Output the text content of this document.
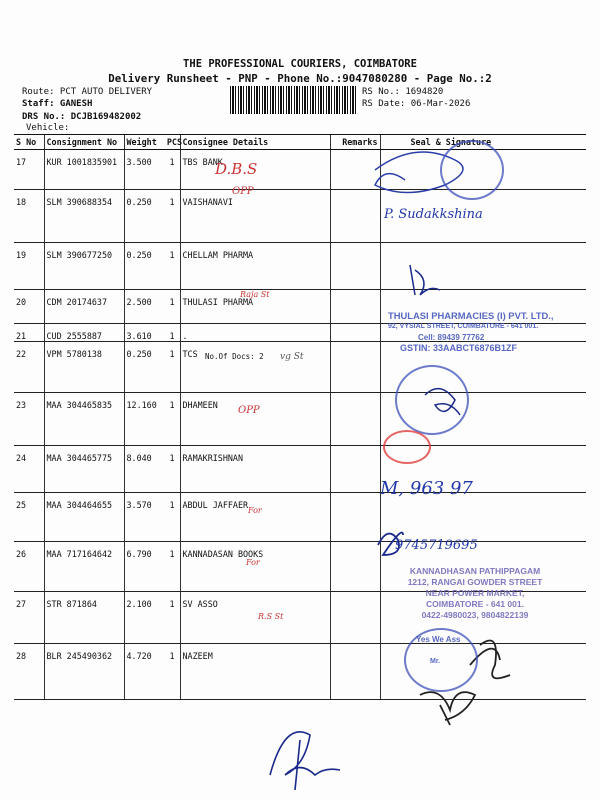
THE PROFESSIONAL COURIERS, COIMBATORE
Delivery Runsheet - PNP - Phone No.:9047080280 - Page No.:2
Route: PCT AUTO DELIVERY
Staff: GANESH
DRS No.: DCJB169482002
Vehicle:
RS No.: 1694820
RS Date: 06-Mar-2026
S No	Consignment No	Weight PCS	Consignee Details	Remarks	Seal & Signature
17	KUR 1001835901	3.500 1	TBS BANK		
18	SLM 390688354	0.250 1	VAISHANAVI		
19	SLM 390677250	0.250 1	CHELLAM PHARMA		
20	CDM 20174637	2.500 1	THULASI PHARMA		
21	CUD 2555887	3.610 1	.		
22	VPM 5780138	0.250 1	TCS		
23	MAA 304465835	12.160 1	DHAMEEN		
24	MAA 304465775	8.040 1	RAMAKRISHNAN		
25	MAA 304464655	3.570 1	ABDUL JAFFAER		
26	MAA 717164642	6.790 1	KANNADASAN BOOKS		
27	STR 871864	2.100 1	SV ASSO		
28	BLR 245490362	4.720 1	NAZEEM		
No.Of Docs: 2
D.B.S
OPP
P. Sudakkshina
Raja St
vg St
OPP
For
For
R.S St
M, 963 97
9745719695
THULASI PHARMACIES (I) PVT. LTD.,
92, VYSIAL STREET, COIMBATORE - 641 001.
Cell: 89439 77762
GSTIN: 33AABCT6876B1ZF
KANNADHASAN PATHIPPAGAM
1212, RANGAI GOWDER STREET
NEAR POWER MARKET,
COIMBATORE - 641 001.
0422-4980023, 9804822139
Yes We Ass
Mr.
